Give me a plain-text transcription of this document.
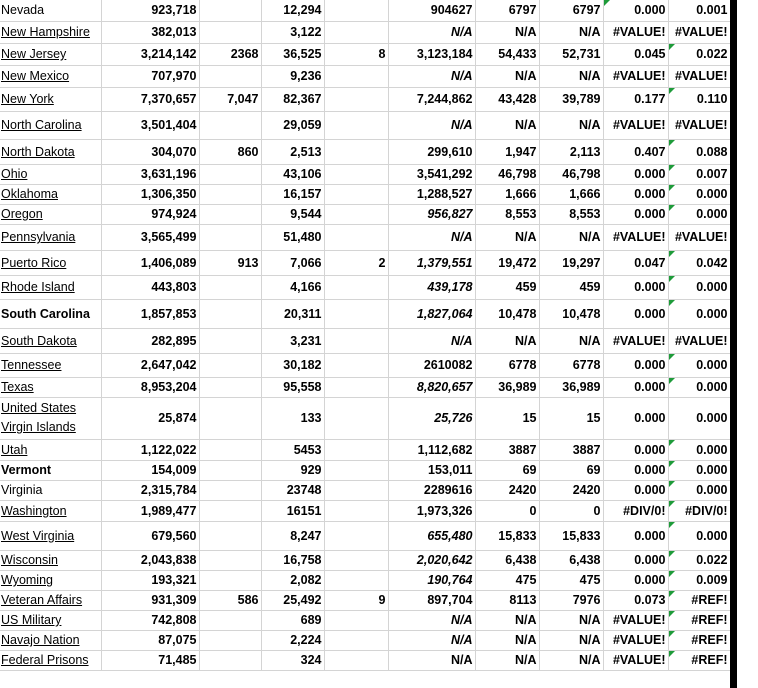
Nevada	923,718		12,294		904627	6797	6797	0.000	0.001
New Hampshire	382,013		3,122		N/A	N/A	N/A	#VALUE!	#VALUE!
New Jersey	3,214,142	2368	36,525	8	3,123,184	54,433	52,731	0.045	0.022
New Mexico	707,970		9,236		N/A	N/A	N/A	#VALUE!	#VALUE!
New York	7,370,657	7,047	82,367		7,244,862	43,428	39,789	0.177	0.110
North Carolina	3,501,404		29,059		N/A	N/A	N/A	#VALUE!	#VALUE!
North Dakota	304,070	860	2,513		299,610	1,947	2,113	0.407	0.088
Ohio	3,631,196		43,106		3,541,292	46,798	46,798	0.000	0.007
Oklahoma	1,306,350		16,157		1,288,527	1,666	1,666	0.000	0.000
Oregon	974,924		9,544		956,827	8,553	8,553	0.000	0.000
Pennsylvania	3,565,499		51,480		N/A	N/A	N/A	#VALUE!	#VALUE!
Puerto Rico	1,406,089	913	7,066	2	1,379,551	19,472	19,297	0.047	0.042
Rhode Island	443,803		4,166		439,178	459	459	0.000	0.000
South Carolina	1,857,853		20,311		1,827,064	10,478	10,478	0.000	0.000
South Dakota	282,895		3,231		N/A	N/A	N/A	#VALUE!	#VALUE!
Tennessee	2,647,042		30,182		2610082	6778	6778	0.000	0.000
Texas	8,953,204		95,558		8,820,657	36,989	36,989	0.000	0.000
United States Virgin Islands	25,874		133		25,726	15	15	0.000	0.000
Utah	1,122,022		5453		1,112,682	3887	3887	0.000	0.000
Vermont	154,009		929		153,011	69	69	0.000	0.000
Virginia	2,315,784		23748		2289616	2420	2420	0.000	0.000
Washington	1,989,477		16151		1,973,326	0	0	#DIV/0!	#DIV/0!
West Virginia	679,560		8,247		655,480	15,833	15,833	0.000	0.000
Wisconsin	2,043,838		16,758		2,020,642	6,438	6,438	0.000	0.022
Wyoming	193,321		2,082		190,764	475	475	0.000	0.009
Veteran Affairs	931,309	586	25,492	9	897,704	8113	7976	0.073	#REF!
US Military	742,808		689		N/A	N/A	N/A	#VALUE!	#REF!
Navajo Nation	87,075		2,224		N/A	N/A	N/A	#VALUE!	#REF!
Federal Prisons	71,485		324		N/A	N/A	N/A	#VALUE!	#REF!
